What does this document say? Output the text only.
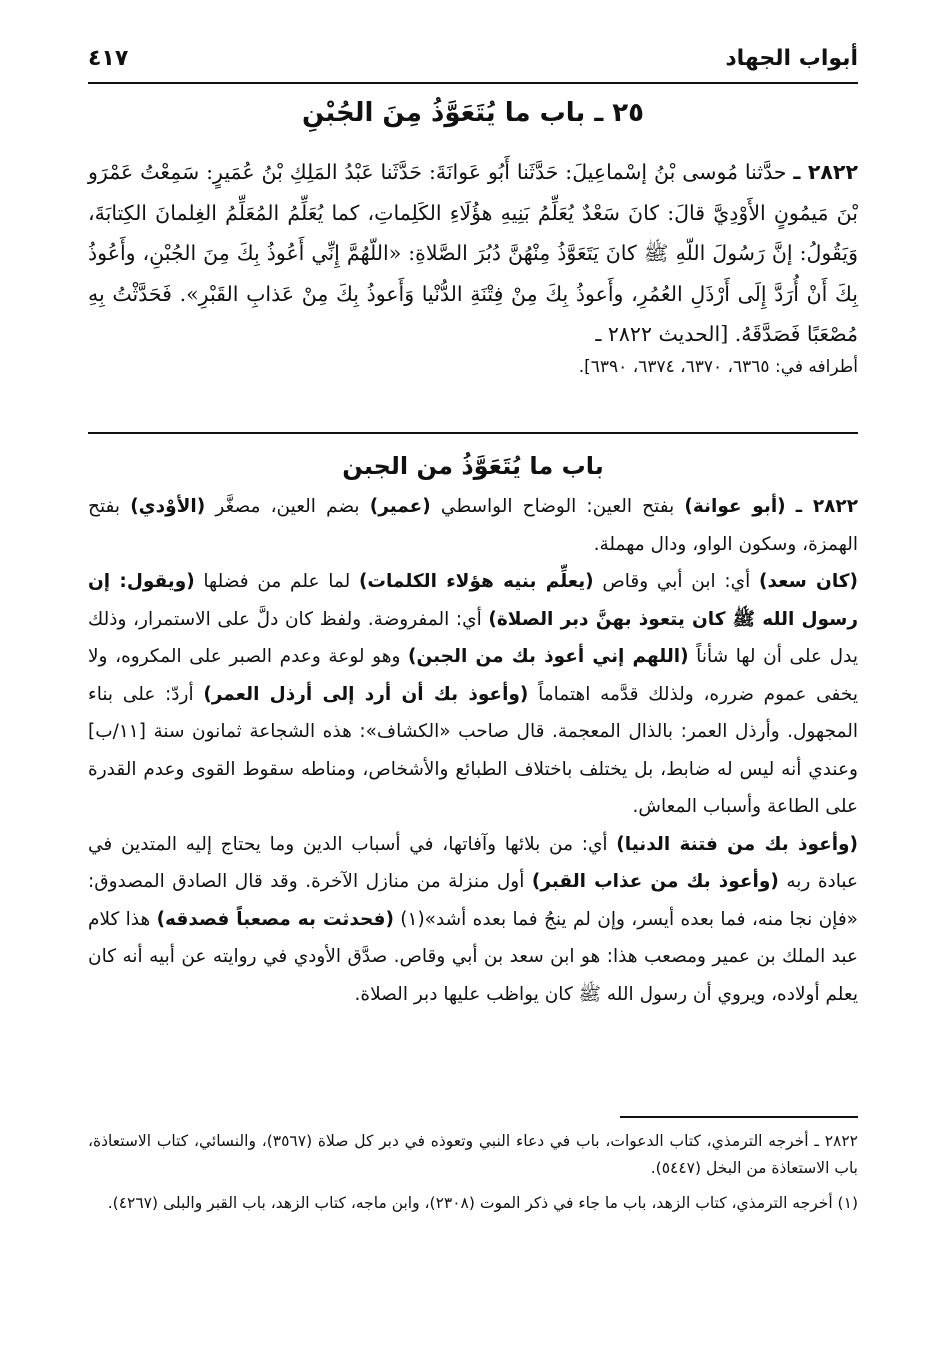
أبواب الجهاد
٤١٧
٢٥ ـ باب ما يُتَعَوَّذُ مِنَ الجُبْنِ
٢٨٢٢ ـ حدَّثنا مُوسى بْنُ إسْماعِيلَ: حَدَّثَنا أَبُو عَوانَةَ: حَدَّثَنا عَبْدُ المَلِكِ بْنُ عُمَيرٍ: سَمِعْتُ عَمْرَو بْنَ مَيمُونٍ الأَوْدِيَّ قالَ: كانَ سَعْدٌ يُعَلِّمُ بَنِيهِ هؤُلَاءِ الكَلِماتِ، كما يُعَلِّمُ المُعَلِّمُ الغِلمانَ الكِتابَةَ، وَيَقُولُ: إنَّ رَسُولَ اللّهِ ﷺ كانَ يَتَعَوَّذُ مِنْهُنَّ دُبُرَ الصَّلاةِ: «اللّهُمَّ إِنِّي أَعُوذُ بِكَ مِنَ الجُبْنِ، وأَعُوذُ بِكَ أَنْ أُرَدَّ إِلَى أَرْذَلِ العُمُرِ، وأَعوذُ بِكَ مِنْ فِتْنَةِ الدُّنْيا وَأَعوذُ بِكَ مِنْ عَذابِ القَبْرِ». فَحَدَّثْتُ بِهِ مُصْعَبًا فَصَدَّقَهُ. [الحديث ٢٨٢٢ ـ
أطرافه في: ٦٣٦٥، ٦٣٧٠، ٦٣٧٤، ٦٣٩٠].
باب ما يُتَعَوَّذُ من الجبن

٢٨٢٢ ـ (أبو عوانة) بفتح العين: الوضاح الواسطي (عمير) بضم العين، مصغَّر (الأوْدي) بفتح الهمزة، وسكون الواو، ودال مهملة.

(كان سعد) أي: ابن أبي وقاص (يعلِّم بنيه هؤلاء الكلمات) لما علم من فضلها (ويقول: إن رسول الله ﷺ كان يتعوذ بهنَّ دبر الصلاة) أي: المفروضة. ولفظ كان دلَّ على الاستمرار، وذلك يدل على أن لها شأناً (اللهم إني أعوذ بك من الجبن) وهو لوعة وعدم الصبر على المكروه، ولا يخفى عموم ضرره، ولذلك قدَّمه اهتماماً (وأعوذ بك أن أرد إلى أرذل العمر) أردّ: على بناء المجهول. وأرذل العمر: بالذال المعجمة. قال صاحب «الكشاف»: هذه الشجاعة ثمانون سنة [١١/ب] وعندي أنه ليس له ضابط، بل يختلف باختلاف الطبائع والأشخاص، ومناطه سقوط القوى وعدم القدرة على الطاعة وأسباب المعاش.

(وأعوذ بك من فتنة الدنيا) أي: من بلائها وآفاتها، في أسباب الدين وما يحتاج إليه المتدين في عبادة ربه (وأعوذ بك من عذاب القبر) أول منزلة من منازل الآخرة. وقد قال الصادق المصدوق: «فإن نجا منه، فما بعده أيسر، وإن لم ينجُ فما بعده أشد»(١) (فحدثت به مصعباً فصدقه) هذا كلام عبد الملك بن عمير ومصعب هذا: هو ابن سعد بن أبي وقاص. صدَّق الأودي في روايته عن أبيه أنه كان يعلم أولاده، ويروي أن رسول الله ﷺ كان يواظب عليها دبر الصلاة.

٢٨٢٢ ـ أخرجه الترمذي، كتاب الدعوات، باب في دعاء النبي وتعوذه في دبر كل صلاة (٣٥٦٧)، والنسائي، كتاب الاستعاذة، باب الاستعاذة من البخل (٥٤٤٧).

(١) أخرجه الترمذي، كتاب الزهد، باب ما جاء في ذكر الموت (٢٣٠٨)، وابن ماجه، كتاب الزهد، باب القبر والبلى (٤٢٦٧).
